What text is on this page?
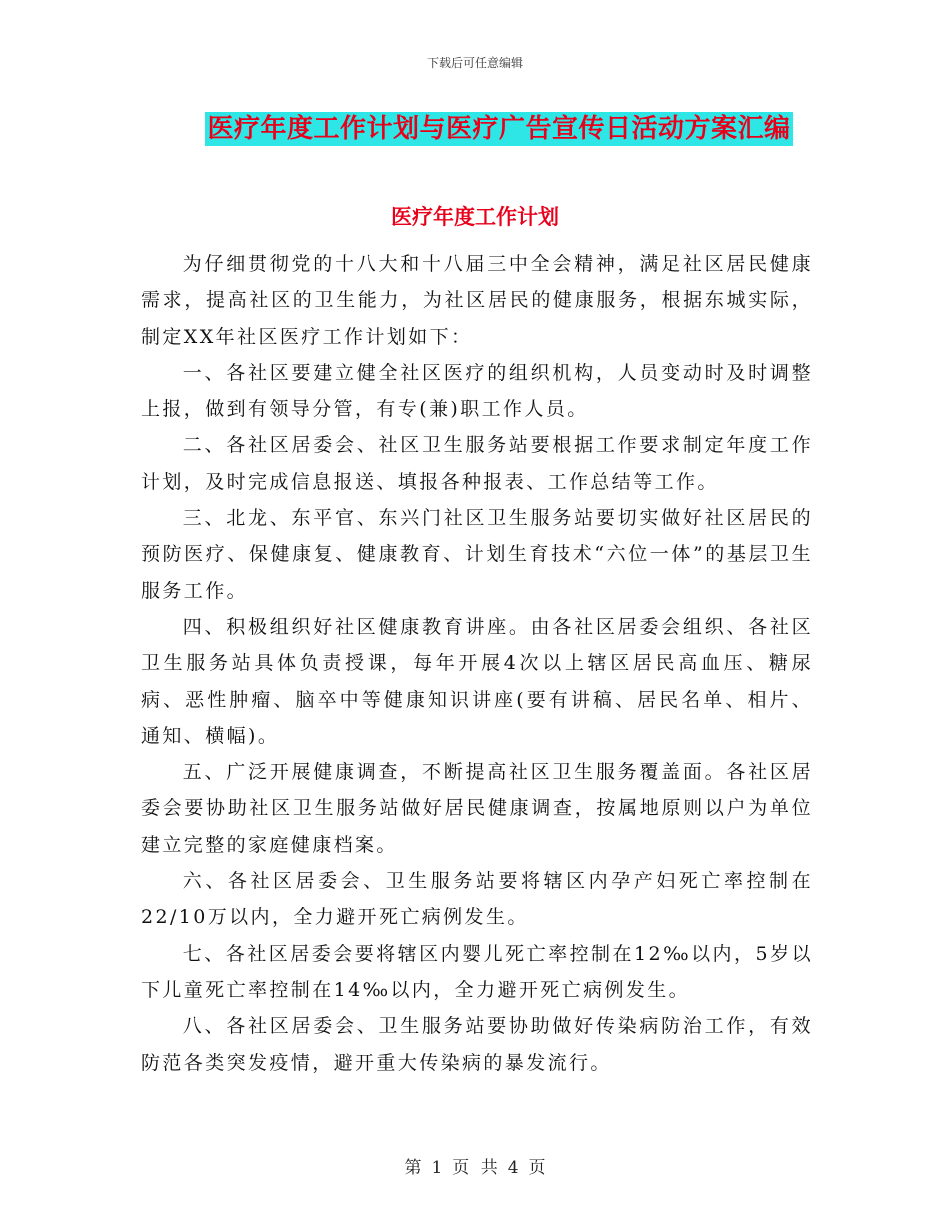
下载后可任意编辑
医疗年度工作计划与医疗广告宣传日活动方案汇编
医疗年度工作计划

为仔细贯彻党的十八大和十八届三中全会精神，满足社区居民健康需求，提高社区的卫生能力，为社区居民的健康服务，根据东城实际，制定XX年社区医疗工作计划如下：

一、各社区要建立健全社区医疗的组织机构，人员变动时及时调整上报，做到有领导分管，有专(兼)职工作人员。

二、各社区居委会、社区卫生服务站要根据工作要求制定年度工作计划，及时完成信息报送、填报各种报表、工作总结等工作。

三、北龙、东平官、东兴门社区卫生服务站要切实做好社区居民的预防医疗、保健康复、健康教育、计划生育技术“六位一体”的基层卫生服务工作。

四、积极组织好社区健康教育讲座。由各社区居委会组织、各社区卫生服务站具体负责授课，每年开展4次以上辖区居民高血压、糖尿病、恶性肿瘤、脑卒中等健康知识讲座(要有讲稿、居民名单、相片、通知、横幅)。

五、广泛开展健康调查，不断提高社区卫生服务覆盖面。各社区居委会要协助社区卫生服务站做好居民健康调查，按属地原则以户为单位建立完整的家庭健康档案。

六、各社区居委会、卫生服务站要将辖区内孕产妇死亡率控制在22/10万以内，全力避开死亡病例发生。

七、各社区居委会要将辖区内婴儿死亡率控制在12‰以内，5岁以下儿童死亡率控制在14‰以内，全力避开死亡病例发生。

八、各社区居委会、卫生服务站要协助做好传染病防治工作，有效防范各类突发疫情，避开重大传染病的暴发流行。

第 1 页 共 4 页
